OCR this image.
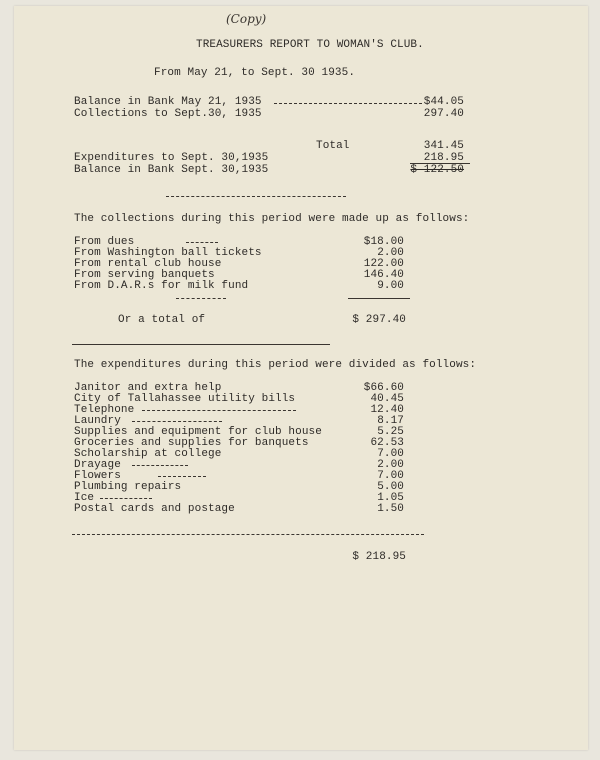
(Copy)
TREASURERS REPORT TO WOMAN'S CLUB.
From May 21, to Sept. 30 1935.
Balance in Bank May 21, 1935	$44.05
Collections to Sept.30, 1935	297.40
Total	341.45
Expenditures to Sept. 30,1935	218.95
Balance in Bank Sept. 30,1935	$ 122.50
The collections during this period were made up as follows:
From dues	$18.00
From Washington ball tickets	2.00
From rental club house	122.00
From serving banquets	146.40
From D.A.R.s for milk fund	9.00
Or a total of	$ 297.40
The expenditures during this period were divided as follows:
Janitor and extra help	$66.60
City of Tallahassee utility bills	40.45
Telephone	12.40
Laundry	8.17
Supplies and equipment for club house	5.25
Groceries and supplies for banquets	62.53
Scholarship at college	7.00
Drayage	2.00
Flowers	7.00
Plumbing repairs	5.00
Ice	1.05
Postal cards and postage	1.50
$ 218.95
